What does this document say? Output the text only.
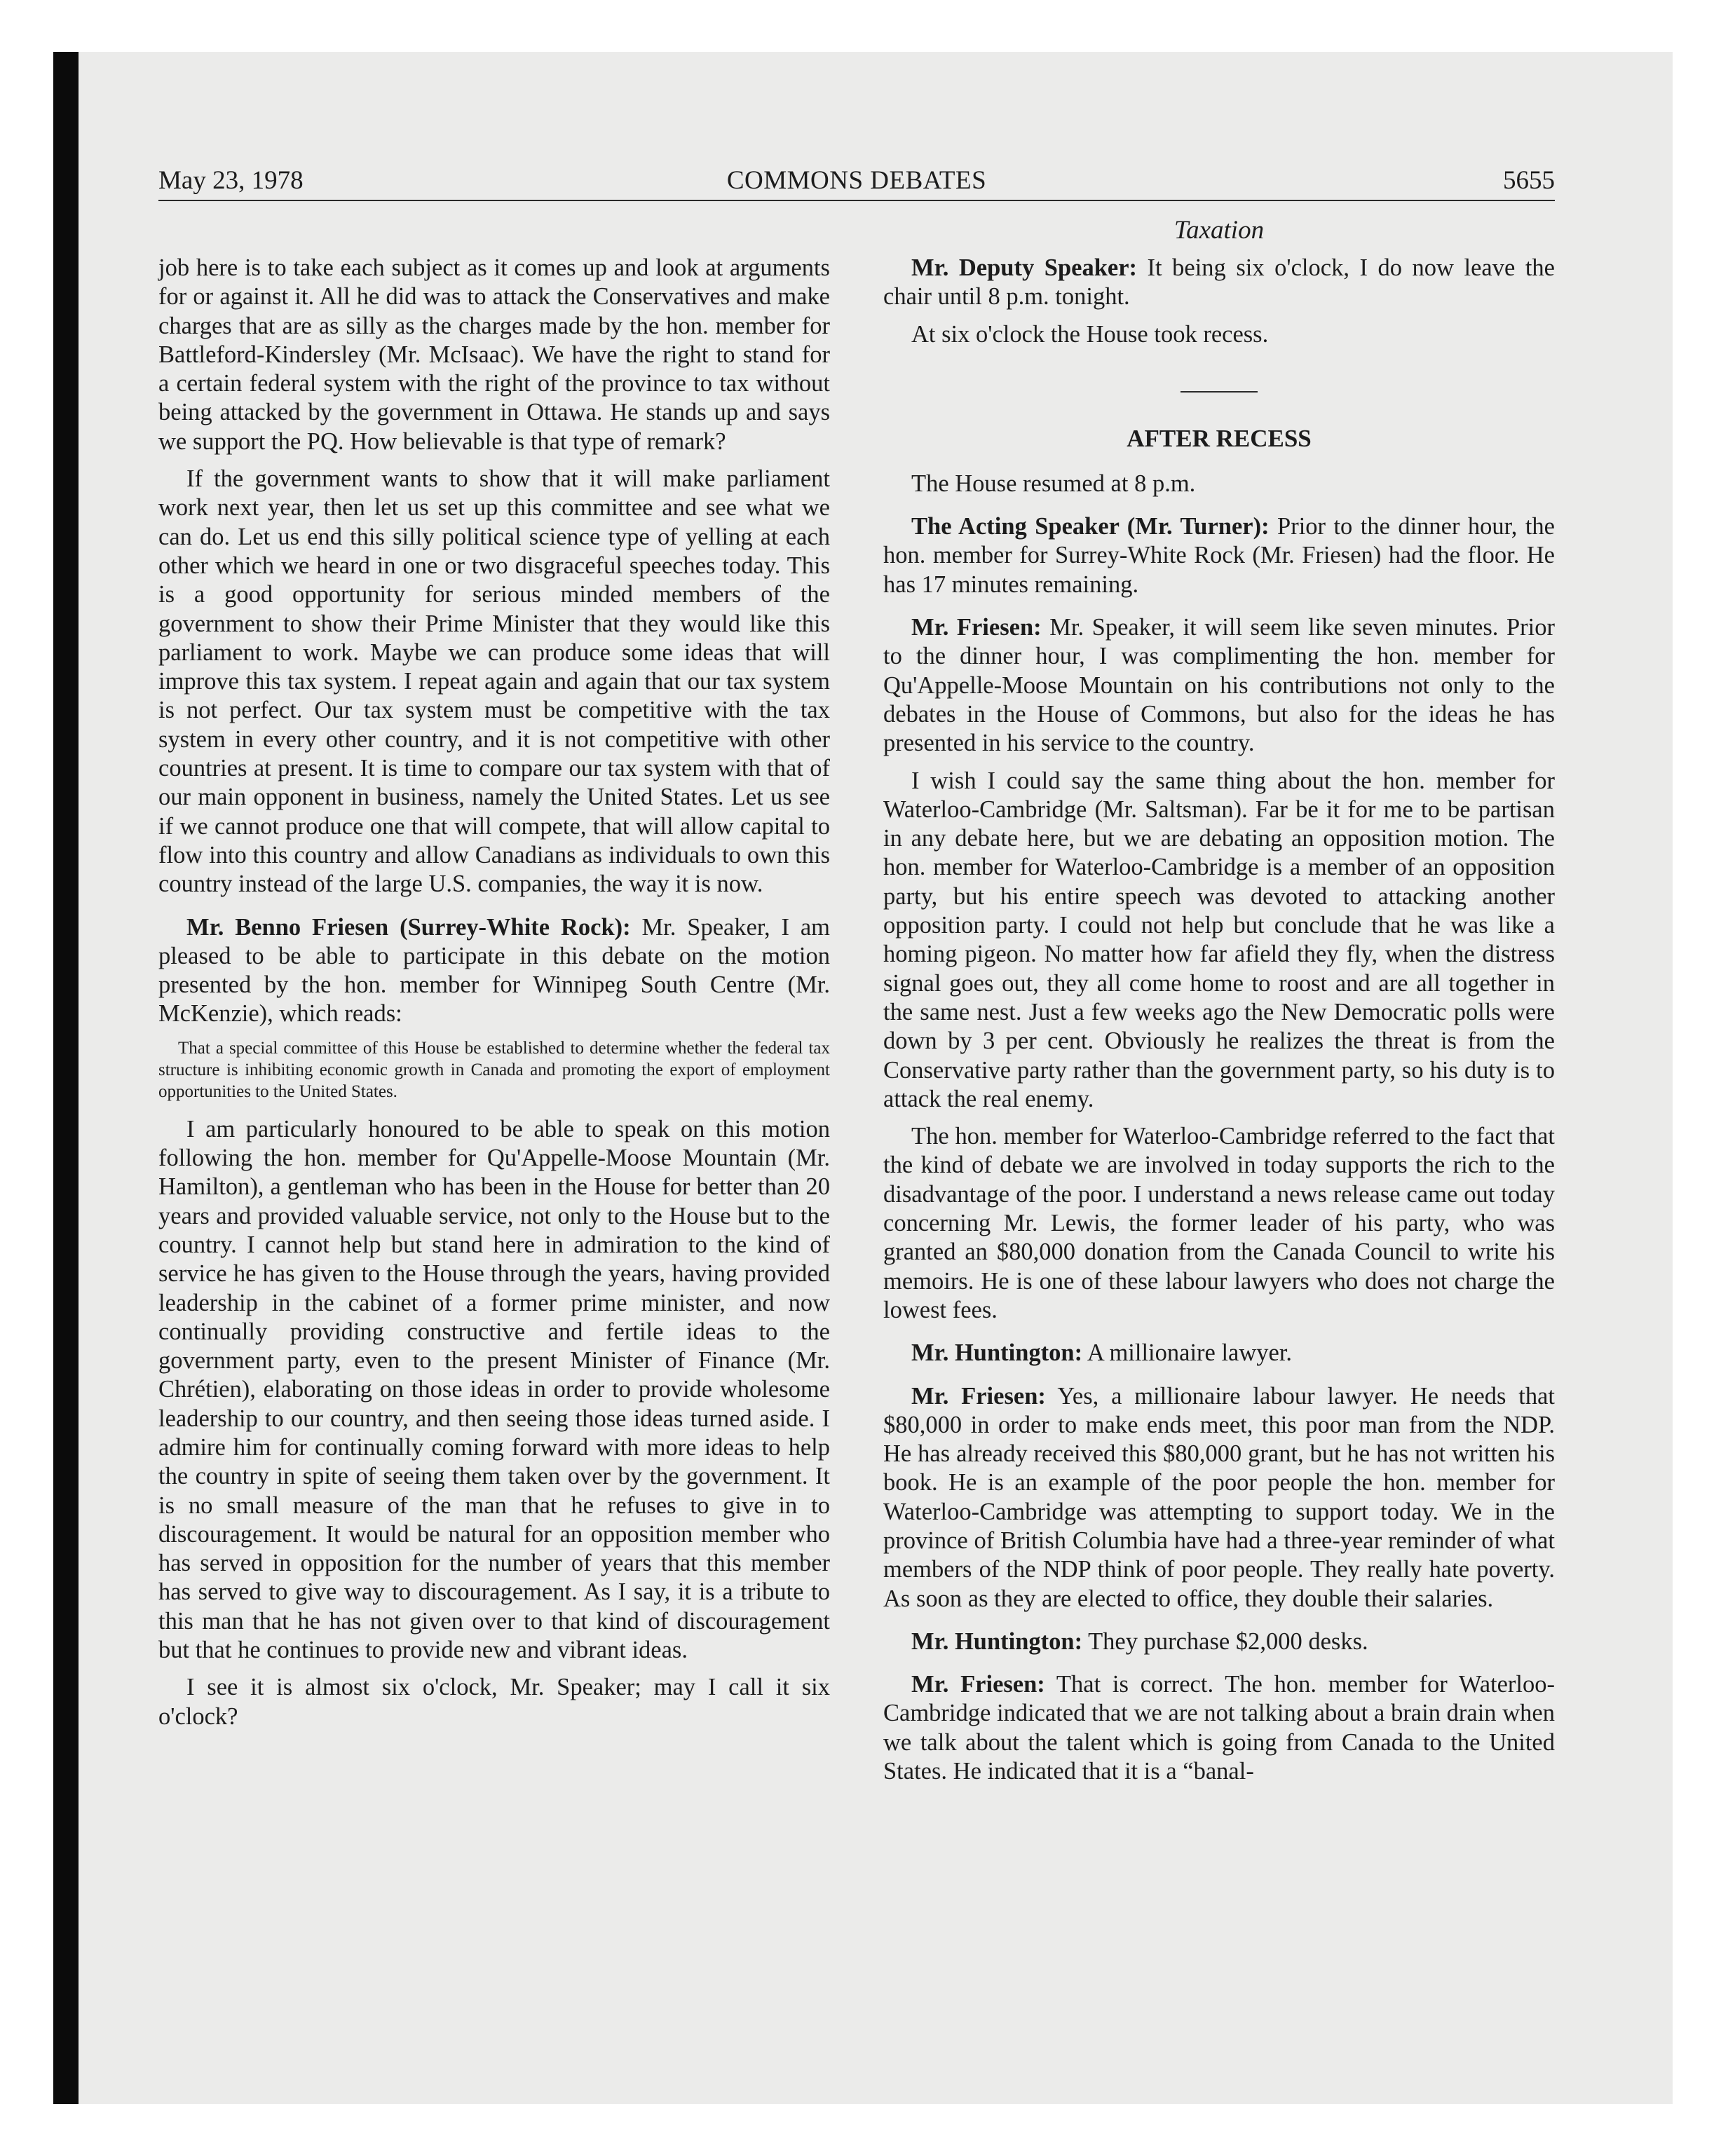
May 23, 1978	COMMONS DEBATES	5655
Taxation

job here is to take each subject as it comes up and look at arguments for or against it. All he did was to attack the Conservatives and make charges that are as silly as the charges made by the hon. member for Battleford-Kindersley (Mr. McIsaac). We have the right to stand for a certain federal system with the right of the province to tax without being attacked by the government in Ottawa. He stands up and says we support the PQ. How believable is that type of remark?

If the government wants to show that it will make parliament work next year, then let us set up this committee and see what we can do. Let us end this silly political science type of yelling at each other which we heard in one or two disgraceful speeches today. This is a good opportunity for serious minded members of the government to show their Prime Minister that they would like this parliament to work. Maybe we can produce some ideas that will improve this tax system. I repeat again and again that our tax system is not perfect. Our tax system must be competitive with the tax system in every other country, and it is not competitive with other countries at present. It is time to compare our tax system with that of our main opponent in business, namely the United States. Let us see if we cannot produce one that will compete, that will allow capital to flow into this country and allow Canadians as individuals to own this country instead of the large U.S. companies, the way it is now.

Mr. Benno Friesen (Surrey-White Rock): Mr. Speaker, I am pleased to be able to participate in this debate on the motion presented by the hon. member for Winnipeg South Centre (Mr. McKenzie), which reads:

That a special committee of this House be established to determine whether the federal tax structure is inhibiting economic growth in Canada and promoting the export of employment opportunities to the United States.

I am particularly honoured to be able to speak on this motion following the hon. member for Qu'Appelle-Moose Mountain (Mr. Hamilton), a gentleman who has been in the House for better than 20 years and provided valuable service, not only to the House but to the country. I cannot help but stand here in admiration to the kind of service he has given to the House through the years, having provided leadership in the cabinet of a former prime minister, and now continually providing constructive and fertile ideas to the government party, even to the present Minister of Finance (Mr. Chrétien), elaborating on those ideas in order to provide wholesome leadership to our country, and then seeing those ideas turned aside. I admire him for continually coming forward with more ideas to help the country in spite of seeing them taken over by the government. It is no small measure of the man that he refuses to give in to discouragement. It would be natural for an opposition member who has served in opposition for the number of years that this member has served to give way to discouragement. As I say, it is a tribute to this man that he has not given over to that kind of discouragement but that he continues to provide new and vibrant ideas.

I see it is almost six o'clock, Mr. Speaker; may I call it six o'clock?

Mr. Deputy Speaker: It being six o'clock, I do now leave the chair until 8 p.m. tonight.

At six o'clock the House took recess.

AFTER RECESS

The House resumed at 8 p.m.

The Acting Speaker (Mr. Turner): Prior to the dinner hour, the hon. member for Surrey-White Rock (Mr. Friesen) had the floor. He has 17 minutes remaining.

Mr. Friesen: Mr. Speaker, it will seem like seven minutes. Prior to the dinner hour, I was complimenting the hon. member for Qu'Appelle-Moose Mountain on his contributions not only to the debates in the House of Commons, but also for the ideas he has presented in his service to the country.

I wish I could say the same thing about the hon. member for Waterloo-Cambridge (Mr. Saltsman). Far be it for me to be partisan in any debate here, but we are debating an opposition motion. The hon. member for Waterloo-Cambridge is a member of an opposition party, but his entire speech was devoted to attacking another opposition party. I could not help but conclude that he was like a homing pigeon. No matter how far afield they fly, when the distress signal goes out, they all come home to roost and are all together in the same nest. Just a few weeks ago the New Democratic polls were down by 3 per cent. Obviously he realizes the threat is from the Conservative party rather than the government party, so his duty is to attack the real enemy.

The hon. member for Waterloo-Cambridge referred to the fact that the kind of debate we are involved in today supports the rich to the disadvantage of the poor. I understand a news release came out today concerning Mr. Lewis, the former leader of his party, who was granted an $80,000 donation from the Canada Council to write his memoirs. He is one of these labour lawyers who does not charge the lowest fees.

Mr. Huntington: A millionaire lawyer.

Mr. Friesen: Yes, a millionaire labour lawyer. He needs that $80,000 in order to make ends meet, this poor man from the NDP. He has already received this $80,000 grant, but he has not written his book. He is an example of the poor people the hon. member for Waterloo-Cambridge was attempting to support today. We in the province of British Columbia have had a three-year reminder of what members of the NDP think of poor people. They really hate poverty. As soon as they are elected to office, they double their salaries.

Mr. Huntington: They purchase $2,000 desks.

Mr. Friesen: That is correct. The hon. member for Waterloo-Cambridge indicated that we are not talking about a brain drain when we talk about the talent which is going from Canada to the United States. He indicated that it is a “banal-
